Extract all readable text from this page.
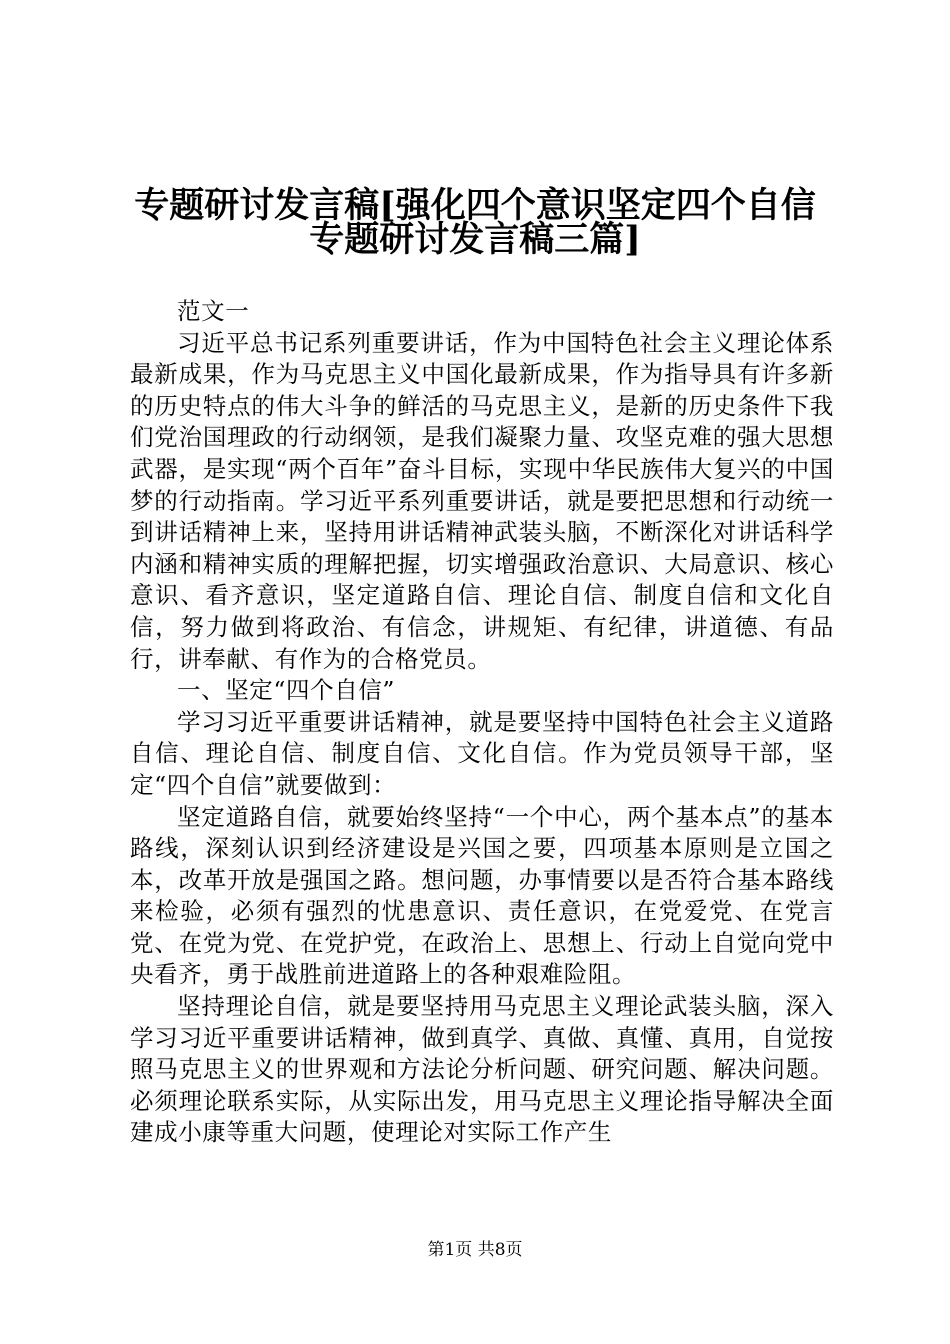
专题研讨发言稿[强化四个意识坚定四个自信
专题研讨发言稿三篇]

范文一

习近平总书记系列重要讲话，作为中国特色社会主义理论体系最新成果，作为马克思主义中国化最新成果，作为指导具有许多新的历史特点的伟大斗争的鲜活的马克思主义，是新的历史条件下我们党治国理政的行动纲领，是我们凝聚力量、攻坚克难的强大思想武器，是实现“两个百年”奋斗目标，实现中华民族伟大复兴的中国梦的行动指南。学习近平系列重要讲话，就是要把思想和行动统一到讲话精神上来，坚持用讲话精神武装头脑，不断深化对讲话科学内涵和精神实质的理解把握，切实增强政治意识、大局意识、核心意识、看齐意识，坚定道路自信、理论自信、制度自信和文化自信，努力做到将政治、有信念，讲规矩、有纪律，讲道德、有品行，讲奉献、有作为的合格党员。

一、坚定“四个自信”

学习习近平重要讲话精神，就是要坚持中国特色社会主义道路自信、理论自信、制度自信、文化自信。作为党员领导干部，坚定“四个自信”就要做到：

坚定道路自信，就要始终坚持“一个中心，两个基本点”的基本路线，深刻认识到经济建设是兴国之要，四项基本原则是立国之本，改革开放是强国之路。想问题，办事情要以是否符合基本路线来检验，必须有强烈的忧患意识、责任意识，在党爱党、在党言党、在党为党、在党护党，在政治上、思想上、行动上自觉向党中央看齐，勇于战胜前进道路上的各种艰难险阻。

坚持理论自信，就是要坚持用马克思主义理论武装头脑，深入学习习近平重要讲话精神，做到真学、真做、真懂、真用，自觉按照马克思主义的世界观和方法论分析问题、研究问题、解决问题。必须理论联系实际，从实际出发，用马克思主义理论指导解决全面建成小康等重大问题，使理论对实际工作产生

第1页 共8页
